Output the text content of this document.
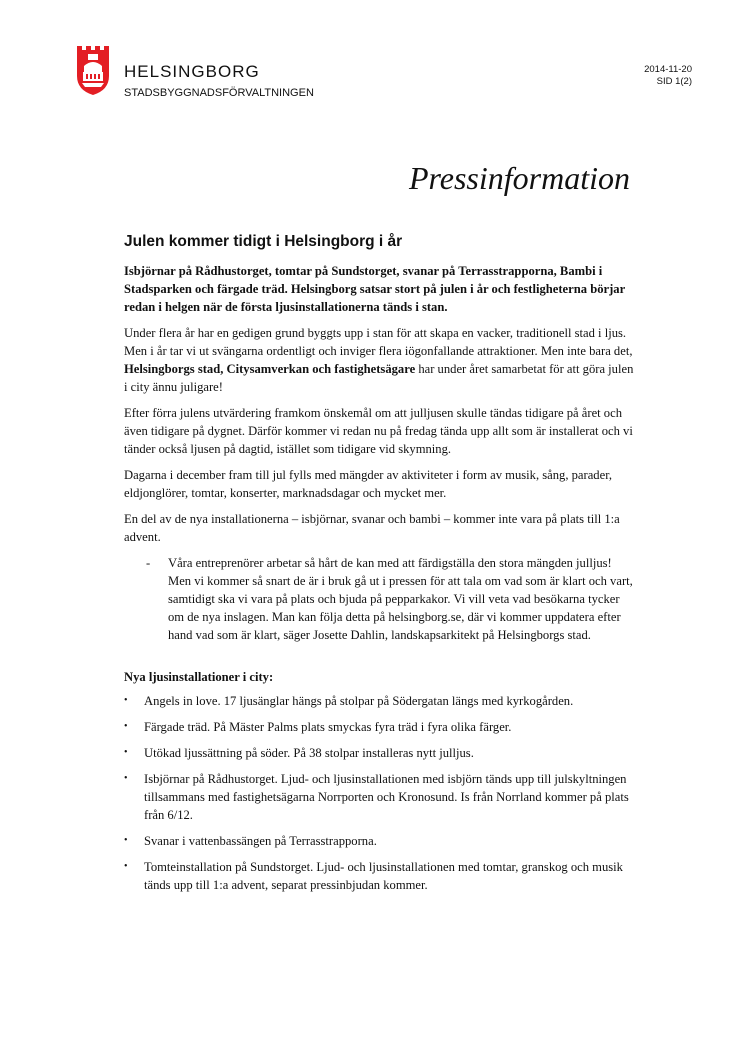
HELSINGBORG
STADSBYGGNADSFÖRVALTNINGEN
2014-11-20
SID 1(2)
Pressinformation
Julen kommer tidigt i Helsingborg i år

Isbjörnar på Rådhustorget, tomtar på Sundstorget, svanar på Terrasstrapporna, Bambi i Stadsparken och färgade träd. Helsingborg satsar stort på julen i år och festligheterna börjar redan i helgen när de första ljusinstallationerna tänds i stan.

Under flera år har en gedigen grund byggts upp i stan för att skapa en vacker, traditionell stad i ljus. Men i år tar vi ut svängarna ordentligt och inviger flera iögonfallande attraktioner. Men inte bara det, Helsingborgs stad, Citysamverkan och fastighetsägare har under året samarbetat för att göra julen i city ännu juligare!

Efter förra julens utvärdering framkom önskemål om att julljusen skulle tändas tidigare på året och även tidigare på dygnet. Därför kommer vi redan nu på fredag tända upp allt som är installerat och vi tänder också ljusen på dagtid, istället som tidigare vid skymning.

Dagarna i december fram till jul fylls med mängder av aktiviteter i form av musik, sång, parader, eldjonglörer, tomtar, konserter, marknadsdagar och mycket mer.

En del av de nya installationerna – isbjörnar, svanar och bambi – kommer inte vara på plats till 1:a advent.

- Våra entreprenörer arbetar så hårt de kan med att färdigställa den stora mängden julljus! Men vi kommer så snart de är i bruk gå ut i pressen för att tala om vad som är klart och vart, samtidigt ska vi vara på plats och bjuda på pepparkakor. Vi vill veta vad besökarna tycker om de nya inslagen. Man kan följa detta på helsingborg.se, där vi kommer uppdatera efter hand vad som är klart, säger Josette Dahlin, landskapsarkitekt på Helsingborgs stad.
Nya ljusinstallationer i city:
• Angels in love. 17 ljusänglar hängs på stolpar på Södergatan längs med kyrkogården.
• Färgade träd. På Mäster Palms plats smyckas fyra träd i fyra olika färger.
• Utökad ljussättning på söder. På 38 stolpar installeras nytt julljus.
• Isbjörnar på Rådhustorget. Ljud- och ljusinstallationen med isbjörn tänds upp till julskyltningen tillsammans med fastighetsägarna Norrporten och Kronosund. Is från Norrland kommer på plats från 6/12.
• Svanar i vattenbassängen på Terrasstrapporna.
• Tomteinstallation på Sundstorget. Ljud- och ljusinstallationen med tomtar, granskog och musik tänds upp till 1:a advent, separat pressinbjudan kommer.
